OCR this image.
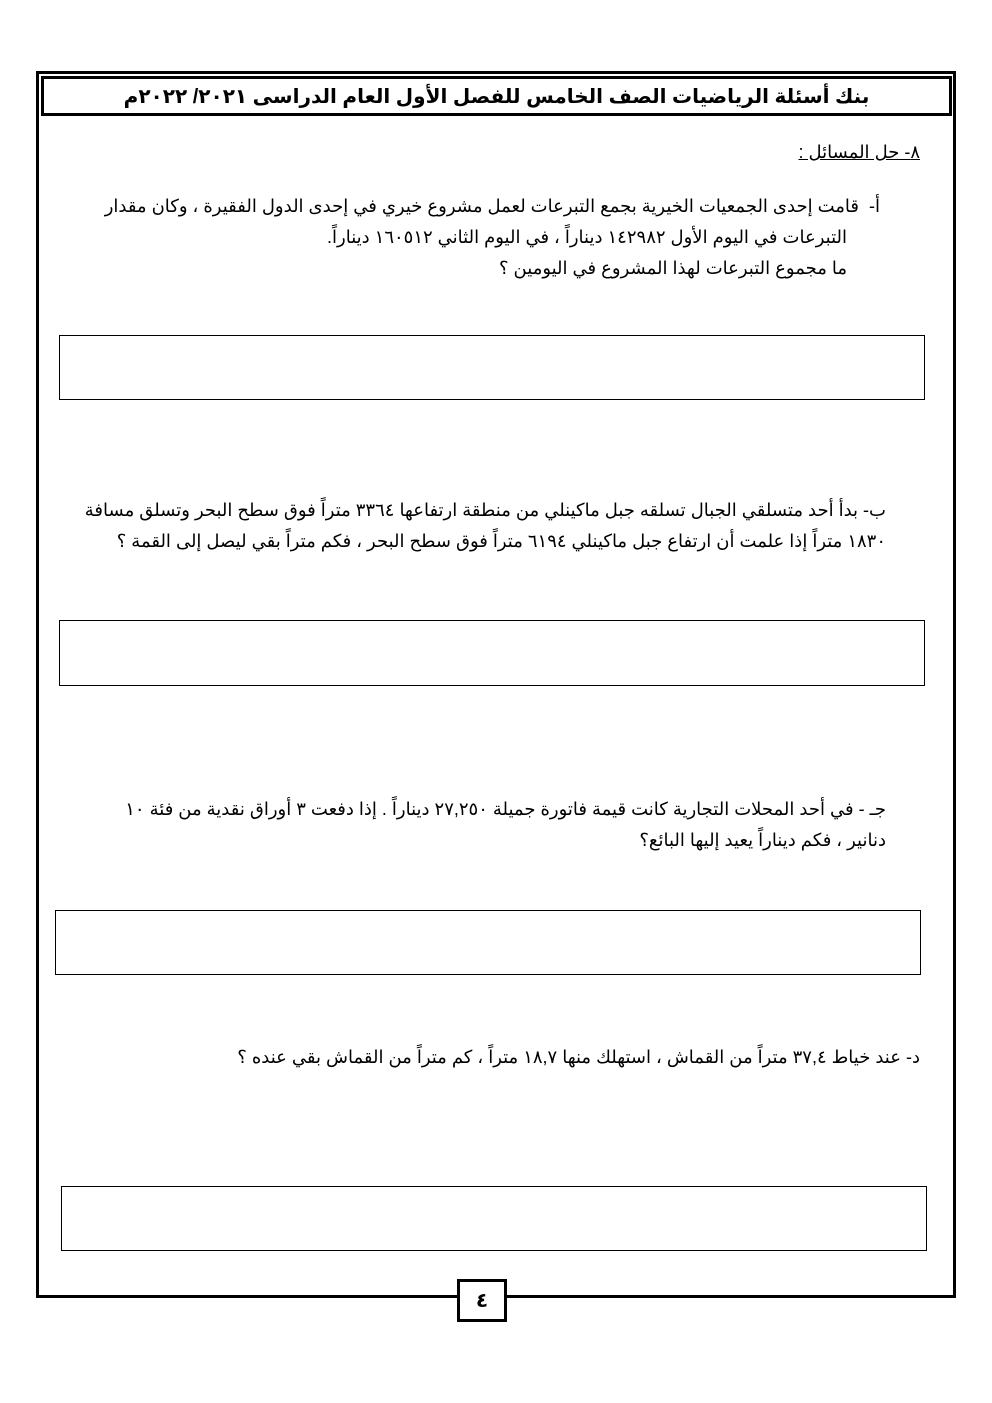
بنك أسئلة الرياضيات الصف الخامس للفصل الأول العام الدراسى ٢٠٢١/ ٢٠٢٢م
٨- حل المسائل :
أ-قامت إحدى الجمعيات الخيرية بجمع التبرعات لعمل مشروع خيري في إحدى الدول الفقيرة ، وكان مقدار
التبرعات في اليوم الأول ١٤٢٩٨٢ ديناراً ، في اليوم الثاني ١٦٠٥١٢ ديناراً.
ما مجموع التبرعات لهذا المشروع في اليومين ؟
ب- بدأ أحد متسلقي الجبال تسلقه جبل ماكينلي من منطقة ارتفاعها ٣٣٦٤ متراً فوق سطح البحر وتسلق مسافة
١٨٣٠ متراً إذا علمت أن ارتفاع جبل ماكينلي ٦١٩٤ متراً فوق سطح البحر ، فكم متراً بقي ليصل إلى القمة ؟
جـ - في أحد المحلات التجارية كانت قيمة فاتورة جميلة ٢٧,٢٥٠ ديناراً . إذا دفعت ٣ أوراق نقدية من فئة ١٠
دنانير ، فكم ديناراً يعيد إليها البائع؟
د- عند خياط ٣٧,٤ متراً من القماش ، استهلك منها ١٨,٧ متراً ، كم متراً من القماش بقي عنده ؟
٤
